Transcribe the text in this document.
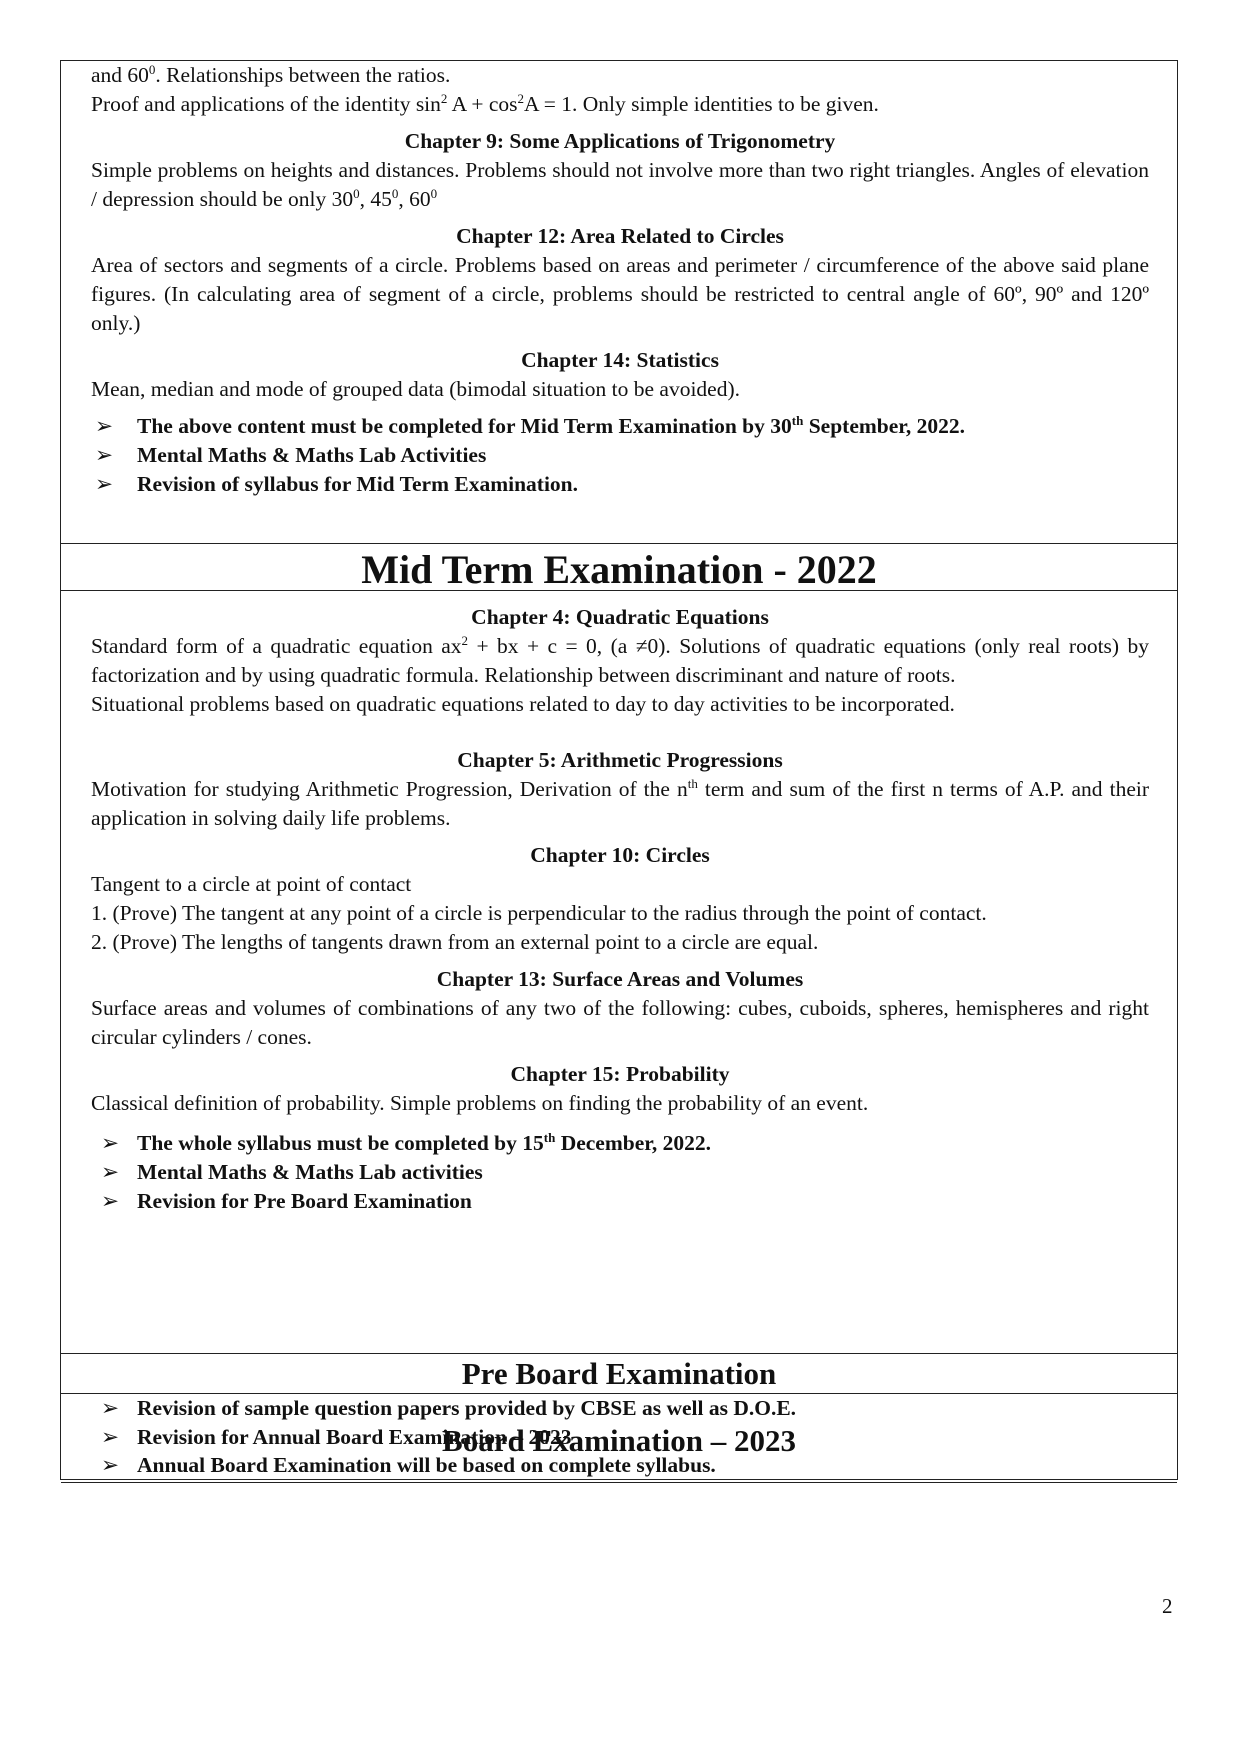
and $60^0$. Relationships between the ratios.

Proof and applications of the identity $\sin^2 A + \cos^2A = 1$. Only simple identities to be given.

Chapter 9: Some Applications of Trigonometry

Simple problems on heights and distances. Problems should not involve more than two right triangles. Angles of elevation / depression should be only $30^0$, $45^0$, $60^0$

Chapter 12: Area Related to Circles

Area of sectors and segments of a circle. Problems based on areas and perimeter / circumference of the above said plane figures. (In calculating area of segment of a circle, problems should be restricted to central angle of 60º, 90º and 120º only.)

Chapter 14: Statistics

Mean, median and mode of grouped data (bimodal situation to be avoided).

➢ The above content must be completed for Mid Term Examination by 30th September, 2022.

➢ Mental Maths & Maths Lab Activities

➢ Revision of syllabus for Mid Term Examination.

Mid Term Examination - 2022

Chapter 4: Quadratic Equations

Standard form of a quadratic equation $ax^2$ + bx + c = 0, (a ≠0). Solutions of quadratic equations (only real roots) by factorization and by using quadratic formula. Relationship between discriminant and nature of roots.

Situational problems based on quadratic equations related to day to day activities to be incorporated.

Chapter 5: Arithmetic Progressions

Motivation for studying Arithmetic Progression, Derivation of the $n^{th}$ term and sum of the first n terms of A.P. and their application in solving daily life problems.

Chapter 10: Circles

Tangent to a circle at point of contact

1. (Prove) The tangent at any point of a circle is perpendicular to the radius through the point of contact.

2. (Prove) The lengths of tangents drawn from an external point to a circle are equal.

Chapter 13: Surface Areas and Volumes

Surface areas and volumes of combinations of any two of the following: cubes, cuboids, spheres, hemispheres and right circular cylinders / cones.

Chapter 15: Probability

Classical definition of probability. Simple problems on finding the probability of an event.

➢ The whole syllabus must be completed by 15th December, 2022.

➢ Mental Maths & Maths Lab activities

➢ Revision for Pre Board Examination

Pre Board Examination

➢ Revision of sample question papers provided by CBSE as well as D.O.E.

➢ Revision for Annual Board Examination – 2023

➢ Annual Board Examination will be based on complete syllabus.

Board Examination – 2023
2
